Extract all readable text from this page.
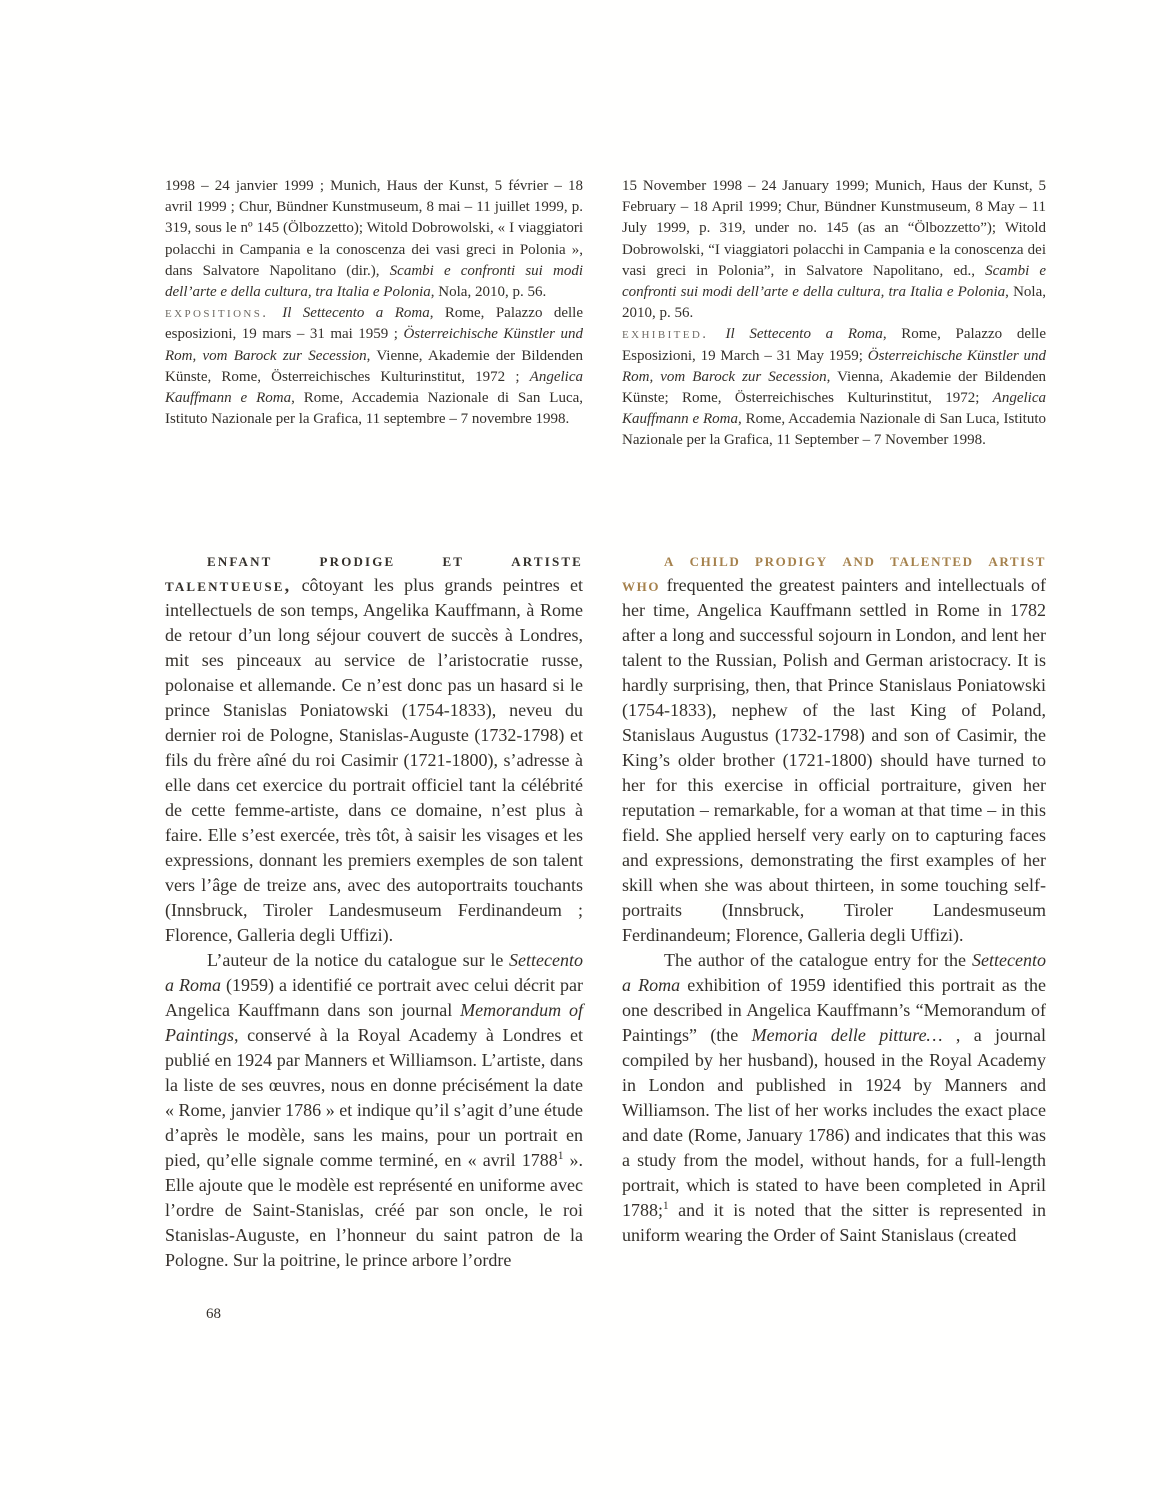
1998 – 24 janvier 1999 ; Munich, Haus der Kunst, 5 février – 18 avril 1999 ; Chur, Bündner Kunstmuseum, 8 mai – 11 juillet 1999, p. 319, sous le nº 145 (Ölbozzetto); Witold Dobrowolski, « I viaggiatori polacchi in Campania e la conoscenza dei vasi greci in Polonia », dans Salvatore Napolitano (dir.), Scambi e confronti sui modi dell’arte e della cultura, tra Italia e Polonia, Nola, 2010, p. 56.

expositions. Il Settecento a Roma, Rome, Palazzo delle esposizioni, 19 mars – 31 mai 1959 ; Österreichische Künstler und Rom, vom Barock zur Secession, Vienne, Akademie der Bildenden Künste, Rome, Österreichisches Kulturinstitut, 1972 ; Angelica Kauffmann e Roma, Rome, Accademia Nazionale di San Luca, Istituto Nazionale per la Grafica, 11 septembre – 7 novembre 1998.

enfant prodige et artiste talentueuse, côtoyant les plus grands peintres et intellectuels de son temps, Angelika Kauffmann, à Rome de retour d’un long séjour couvert de succès à Londres, mit ses pinceaux au service de l’aristocratie russe, polonaise et allemande. Ce n’est donc pas un hasard si le prince Stanislas Poniatowski (1754-1833), neveu du dernier roi de Pologne, Stanislas-Auguste (1732-1798) et fils du frère aîné du roi Casimir (1721-1800), s’adresse à elle dans cet exercice du portrait officiel tant la célébrité de cette femme-artiste, dans ce domaine, n’est plus à faire. Elle s’est exercée, très tôt, à saisir les visages et les expressions, donnant les premiers exemples de son talent vers l’âge de treize ans, avec des autoportraits touchants (Innsbruck, Tiroler Landesmuseum Ferdinandeum ; Florence, Galleria degli Uffizi).

L’auteur de la notice du catalogue sur le Settecento a Roma (1959) a identifié ce portrait avec celui décrit par Angelica Kauffmann dans son journal Memorandum of Paintings, conservé à la Royal Academy à Londres et publié en 1924 par Manners et Williamson. L’artiste, dans la liste de ses œuvres, nous en donne précisément la date « Rome, janvier 1786 » et indique qu’il s’agit d’une étude d’après le modèle, sans les mains, pour un portrait en pied, qu’elle signale comme terminé, en « avril 1788$^1$ ». Elle ajoute que le modèle est représenté en uniforme avec l’ordre de Saint-Stanislas, créé par son oncle, le roi Stanislas-Auguste, en l’honneur du saint patron de la Pologne. Sur la poitrine, le prince arbore l’ordre

15 November 1998 – 24 January 1999; Munich, Haus der Kunst, 5 February – 18 April 1999; Chur, Bündner Kunstmuseum, 8 May – 11 July 1999, p. 319, under no. 145 (as an “Ölbozzetto”); Witold Dobrowolski, “I viaggiatori polacchi in Campania e la conoscenza dei vasi greci in Polonia”, in Salvatore Napolitano, ed., Scambi e confronti sui modi dell’arte e della cultura, tra Italia e Polonia, Nola, 2010, p. 56.

exhibited. Il Settecento a Roma, Rome, Palazzo delle Esposizioni, 19 March – 31 May 1959; Österreichische Künstler und Rom, vom Barock zur Secession, Vienna, Akademie der Bildenden Künste; Rome, Österreichisches Kulturinstitut, 1972; Angelica Kauffmann e Roma, Rome, Accademia Nazionale di San Luca, Istituto Nazionale per la Grafica, 11 September – 7 November 1998.

a child prodigy and talented artist who frequented the greatest painters and intellectuals of her time, Angelica Kauffmann settled in Rome in 1782 after a long and successful sojourn in London, and lent her talent to the Russian, Polish and German aristocracy. It is hardly surprising, then, that Prince Stanislaus Poniatowski (1754-1833), nephew of the last King of Poland, Stanislaus Augustus (1732-1798) and son of Casimir, the King’s older brother (1721-1800) should have turned to her for this exercise in official portraiture, given her reputation – remarkable, for a woman at that time – in this field. She applied herself very early on to capturing faces and expressions, demonstrating the first examples of her skill when she was about thirteen, in some touching self-portraits (Innsbruck, Tiroler Landesmuseum Ferdinandeum; Florence, Galleria degli Uffizi).

The author of the catalogue entry for the Settecento a Roma exhibition of 1959 identified this portrait as the one described in Angelica Kauffmann’s “Memorandum of Paintings” (the Memoria delle pitture… , a journal compiled by her husband), housed in the Royal Academy in London and published in 1924 by Manners and Williamson. The list of her works includes the exact place and date (Rome, January 1786) and indicates that this was a study from the model, without hands, for a full-length portrait, which is stated to have been completed in April 1788;$^1$ and it is noted that the sitter is represented in uniform wearing the Order of Saint Stanislaus (created

68
